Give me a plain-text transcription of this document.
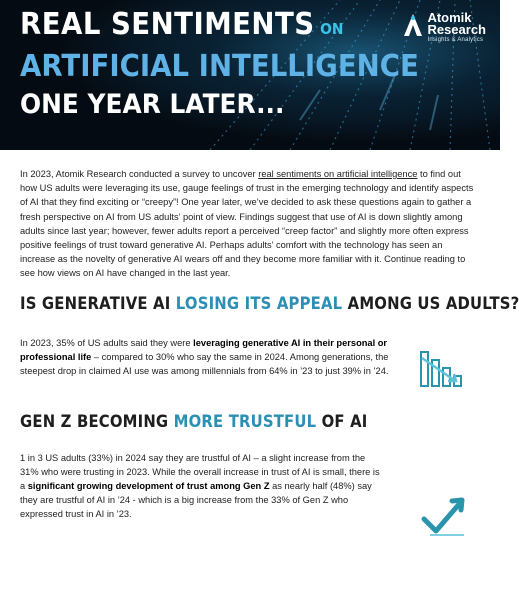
REAL SENTIMENTS ON
ARTIFICIAL INTELLIGENCE
ONE YEAR LATER...
Atomik
Research
Insights & Analytics

In 2023, Atomik Research conducted a survey to uncover real sentiments on artificial intelligence to find out how US adults were leveraging its use, gauge feelings of trust in the emerging technology and identify aspects of AI that they find exciting or “creepy”! One year later, we’ve decided to ask these questions again to gather a fresh perspective on AI from US adults’ point of view. Findings suggest that use of AI is down slightly among adults since last year; however, fewer adults report a perceived “creep factor” and slightly more often express positive feelings of trust toward generative AI. Perhaps adults’ comfort with the technology has seen an increase as the novelty of generative AI wears off and they become more familiar with it. Continue reading to see how views on AI have changed in the last year.

IS GENERATIVE AI LOSING ITS APPEAL AMONG US ADULTS?

In 2023, 35% of US adults said they were leveraging generative AI in their personal or professional life – compared to 30% who say the same in 2024. Among generations, the steepest drop in claimed AI use was among millennials from 64% in ’23 to just 39% in ’24.

GEN Z BECOMING MORE TRUSTFUL OF AI

1 in 3 US adults (33%) in 2024 say they are trustful of AI – a slight increase from the 31% who were trusting in 2023. While the overall increase in trust of AI is small, there is a significant growing development of trust among Gen Z as nearly half (48%) say they are trustful of AI in ’24 - which is a big increase from the 33% of Gen Z who expressed trust in AI in ’23.
